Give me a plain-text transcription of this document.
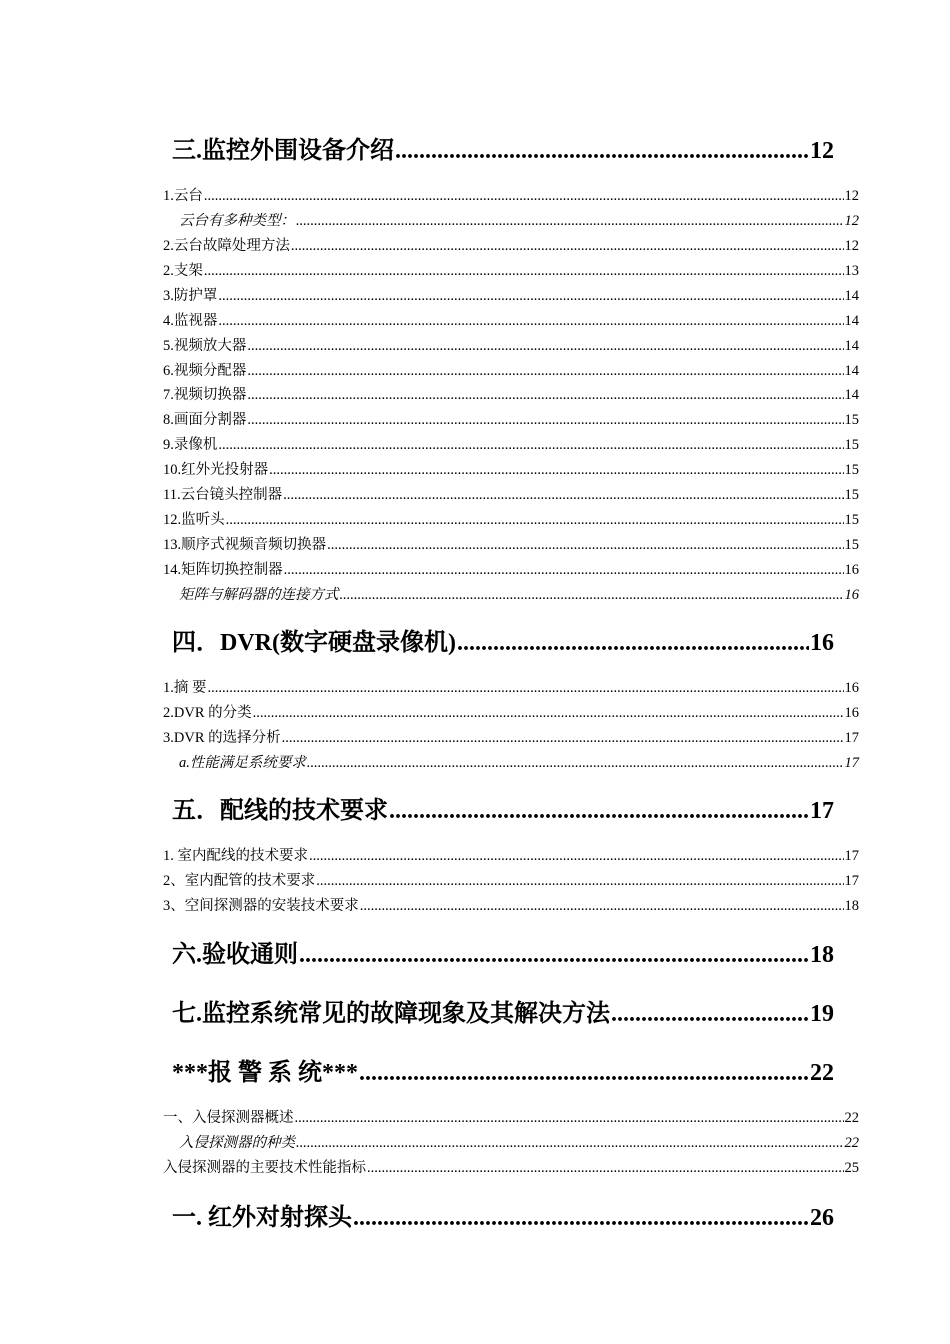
三.监控外围设备介绍 .....	12
1.云台 .....	12
云台有多种类型： .....	12
2.云台故障处理方法 .....	12
2.支架 .....	13
3.防护罩 .....	14
4.监视器 .....	14
5.视频放大器 .....	14
6.视频分配器 .....	14
7.视频切换器 .....	14
8.画面分割器 .....	15
9.录像机 .....	15
10.红外光投射器 .....	15
11.云台镜头控制器 .....	15
12.监听头 .....	15
13.顺序式视频音频切换器 .....	15
14.矩阵切换控制器 .....	16
矩阵与解码器的连接方式 .....	16
四．DVR(数字硬盘录像机) .....	16
1.摘 要 .....	16
2.DVR 的分类 .....	16
3.DVR 的选择分析 .....	17
a.性能满足系统要求 .....	17
五．配线的技术要求 .....	17
1. 室内配线的技术要求 .....	17
2、室内配管的技术要求 .....	17
3、空间探测器的安装技术要求 .....	18
六.验收通则 .....	18
七.监控系统常见的故障现象及其解决方法 .....	19
***报 警 系 统*** .....	22
一、入侵探测器概述 .....	22
入侵探测器的种类 .....	22
入侵探测器的主要技术性能指标 .....	25
一. 红外对射探头 .....	26
